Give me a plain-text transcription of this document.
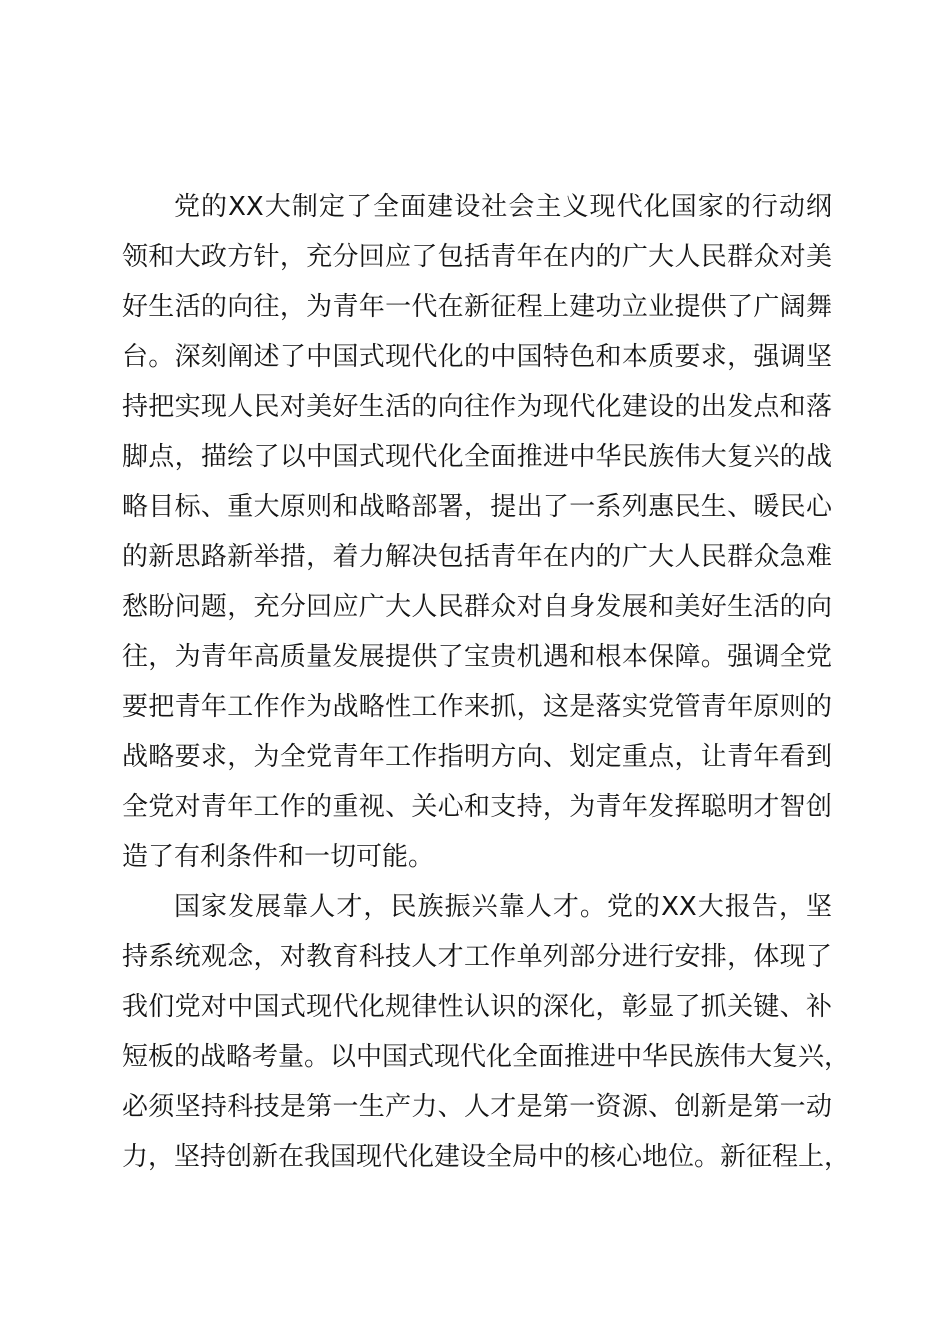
党的XX大制定了全面建设社会主义现代化国家的行动纲
领和大政方针，充分回应了包括青年在内的广大人民群众对美
好生活的向往，为青年一代在新征程上建功立业提供了广阔舞
台。深刻阐述了中国式现代化的中国特色和本质要求，强调坚
持把实现人民对美好生活的向往作为现代化建设的出发点和落
脚点，描绘了以中国式现代化全面推进中华民族伟大复兴的战
略目标、重大原则和战略部署，提出了一系列惠民生、暖民心
的新思路新举措，着力解决包括青年在内的广大人民群众急难
愁盼问题，充分回应广大人民群众对自身发展和美好生活的向
往，为青年高质量发展提供了宝贵机遇和根本保障。强调全党
要把青年工作作为战略性工作来抓，这是落实党管青年原则的
战略要求，为全党青年工作指明方向、划定重点，让青年看到
全党对青年工作的重视、关心和支持，为青年发挥聪明才智创
造了有利条件和一切可能。
国家发展靠人才，民族振兴靠人才。党的XX大报告，坚
持系统观念，对教育科技人才工作单列部分进行安排，体现了
我们党对中国式现代化规律性认识的深化，彰显了抓关键、补
短板的战略考量。以中国式现代化全面推进中华民族伟大复兴，
必须坚持科技是第一生产力、人才是第一资源、创新是第一动
力，坚持创新在我国现代化建设全局中的核心地位。新征程上，
